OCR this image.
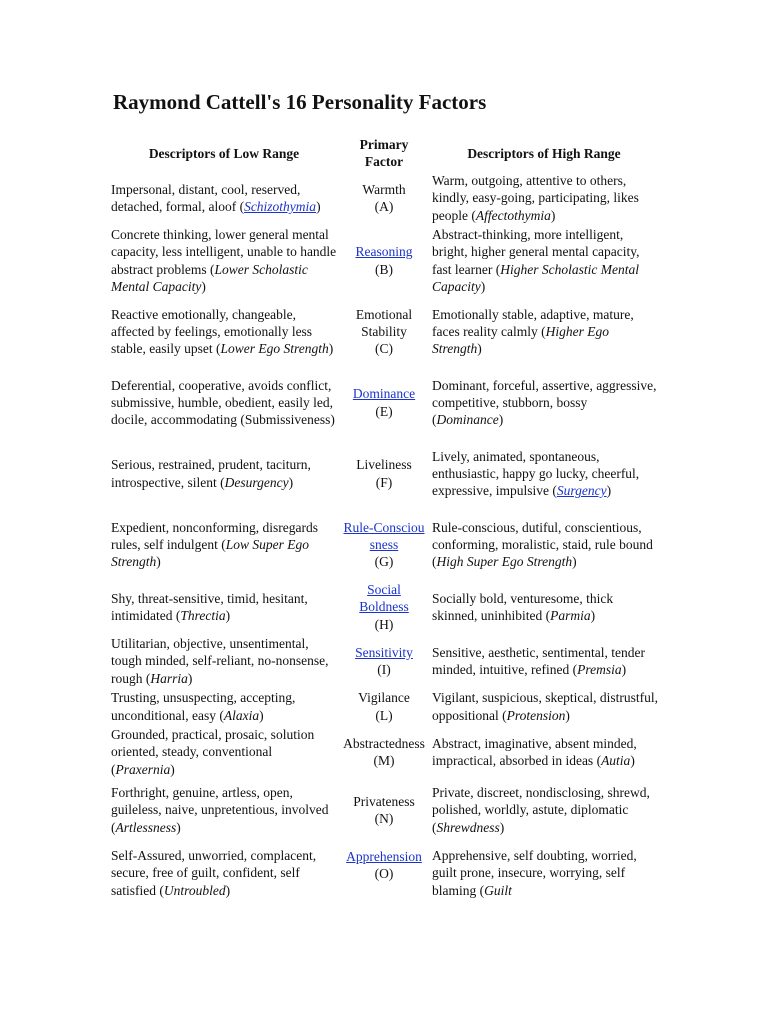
Raymond Cattell's 16 Personality Factors
Descriptors of Low Range
Primary
Factor
Descriptors of High Range
Impersonal, distant, cool, reserved, detached, formal, aloof (Schizothymia)
Warmth
(A)
Warm, outgoing, attentive to others, kindly, easy-going, participating, likes people (Affectothymia)
Concrete thinking, lower general mental capacity, less intelligent, unable to handle abstract problems (Lower Scholastic Mental Capacity)
Reasoning
(B)
Abstract-thinking, more intelligent, bright, higher general mental capacity, fast learner (Higher Scholastic Mental Capacity)
Reactive emotionally, changeable, affected by feelings, emotionally less stable, easily upset (Lower Ego Strength)
Emotional Stability
(C)
Emotionally stable, adaptive, mature, faces reality calmly (Higher Ego Strength)
Deferential, cooperative, avoids conflict, submissive, humble, obedient, easily led, docile, accommodating (Submissiveness)
Dominance
(E)
Dominant, forceful, assertive, aggressive, competitive, stubborn, bossy (Dominance)
Serious, restrained, prudent, taciturn, introspective, silent (Desurgency)
Liveliness
(F)
Lively, animated, spontaneous, enthusiastic, happy go lucky, cheerful, expressive, impulsive (Surgency)
Expedient, nonconforming, disregards rules, self indulgent (Low Super Ego Strength)
Rule-Consciousness
(G)
Rule-conscious, dutiful, conscientious, conforming, moralistic, staid, rule bound (High Super Ego Strength)
Shy, threat-sensitive, timid, hesitant, intimidated (Threctia)
Social Boldness
(H)
Socially bold, venturesome, thick skinned, uninhibited (Parmia)
Utilitarian, objective, unsentimental, tough minded, self-reliant, no-nonsense, rough (Harria)
Sensitivity
(I)
Sensitive, aesthetic, sentimental, tender minded, intuitive, refined (Premsia)
Trusting, unsuspecting, accepting, unconditional, easy (Alaxia)
Vigilance
(L)
Vigilant, suspicious, skeptical, distrustful, oppositional (Protension)
Grounded, practical, prosaic, solution oriented, steady, conventional (Praxernia)
Abstractedness
(M)
Abstract, imaginative, absent minded, impractical, absorbed in ideas (Autia)
Forthright, genuine, artless, open, guileless, naive, unpretentious, involved (Artlessness)
Privateness
(N)
Private, discreet, nondisclosing, shrewd, polished, worldly, astute, diplomatic (Shrewdness)
Self-Assured, unworried, complacent, secure, free of guilt, confident, self satisfied (Untroubled)
Apprehension
(O)
Apprehensive, self doubting, worried, guilt prone, insecure, worrying, self blaming (Guilt
